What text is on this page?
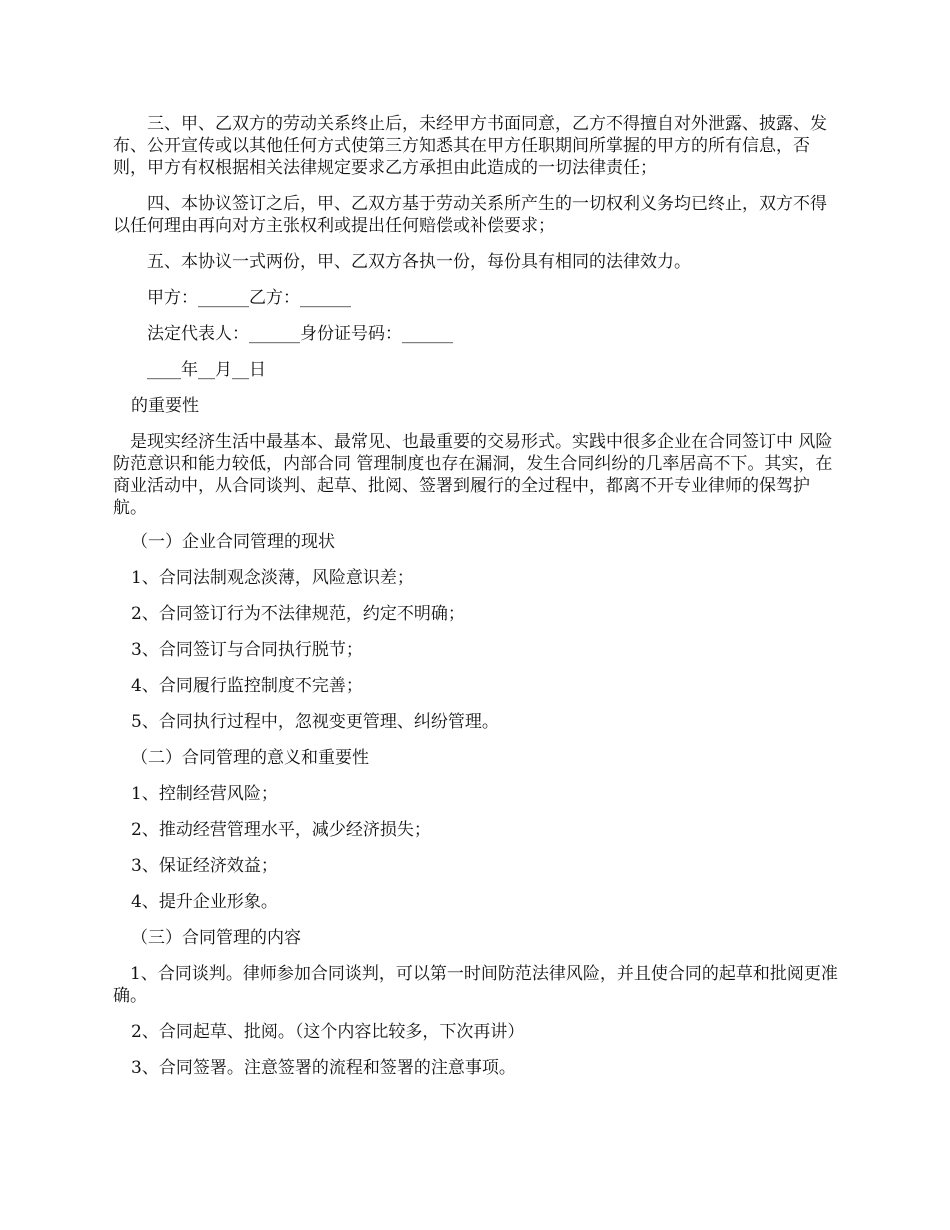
三、甲、乙双方的劳动关系终止后，未经甲方书面同意，乙方不得擅自对外泄露、披露、发布、公开宣传或以其他任何方式使第三方知悉其在甲方任职期间所掌握的甲方的所有信息，否则，甲方有权根据相关法律规定要求乙方承担由此造成的一切法律责任；

四、本协议签订之后，甲、乙双方基于劳动关系所产生的一切权利义务均已终止，双方不得以任何理由再向对方主张权利或提出任何赔偿或补偿要求；

五、本协议一式两份，甲、乙双方各执一份，每份具有相同的法律效力。

甲方：______乙方：______

法定代表人：______身份证号码：______

____年__月__日

的重要性

是现实经济生活中最基本、最常见、也最重要的交易形式。实践中很多企业在合同签订中 风险防范意识和能力较低，内部合同 管理制度也存在漏洞，发生合同纠纷的几率居高不下。其实，在商业活动中，从合同谈判、起草、批阅、签署到履行的全过程中，都离不开专业律师的保驾护航。

（一）企业合同管理的现状

1、合同法制观念淡薄，风险意识差；

2、合同签订行为不法律规范，约定不明确；

3、合同签订与合同执行脱节；

4、合同履行监控制度不完善；

5、合同执行过程中，忽视变更管理、纠纷管理。

（二）合同管理的意义和重要性

1、控制经营风险；

2、推动经营管理水平，减少经济损失；

3、保证经济效益；

4、提升企业形象。

（三）合同管理的内容

1、合同谈判。律师参加合同谈判，可以第一时间防范法律风险，并且使合同的起草和批阅更准确。

2、合同起草、批阅。（这个内容比较多，下次再讲）

3、合同签署。注意签署的流程和签署的注意事项。
